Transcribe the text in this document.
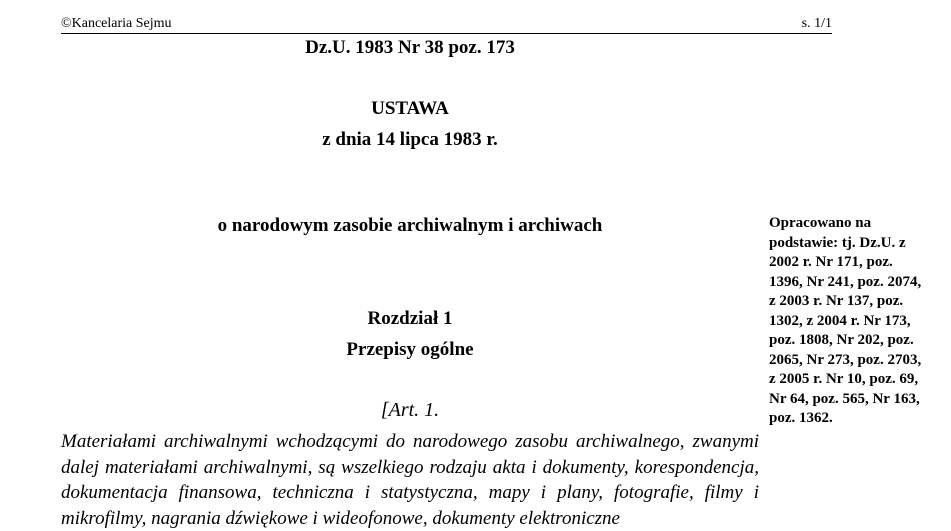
©Kancelaria Sejmu	s. 1/1
Dz.U. 1983 Nr 38 poz. 173
USTAWA
z dnia 14 lipca 1983 r.
o narodowym zasobie archiwalnym i archiwach
Rozdział 1
Przepisy ogólne
[Art. 1.
Materiałami archiwalnymi wchodzącymi do narodowego zasobu archiwalnego, zwanymi dalej materiałami archiwalnymi, są wszelkiego rodzaju akta i dokumenty, korespondencja, dokumentacja finansowa, techniczna i statystyczna, mapy i plany, fotografie, filmy i mikrofilmy, nagrania dźwiękowe i wideofonowe, dokumenty elektroniczne
Opracowano na podstawie: tj. Dz.U. z 2002 r. Nr 171, poz. 1396, Nr 241, poz. 2074, z 2003 r. Nr 137, poz. 1302, z 2004 r. Nr 173, poz. 1808, Nr 202, poz. 2065, Nr 273, poz. 2703, z 2005 r. Nr 10, poz. 69, Nr 64, poz. 565, Nr 163, poz. 1362.
